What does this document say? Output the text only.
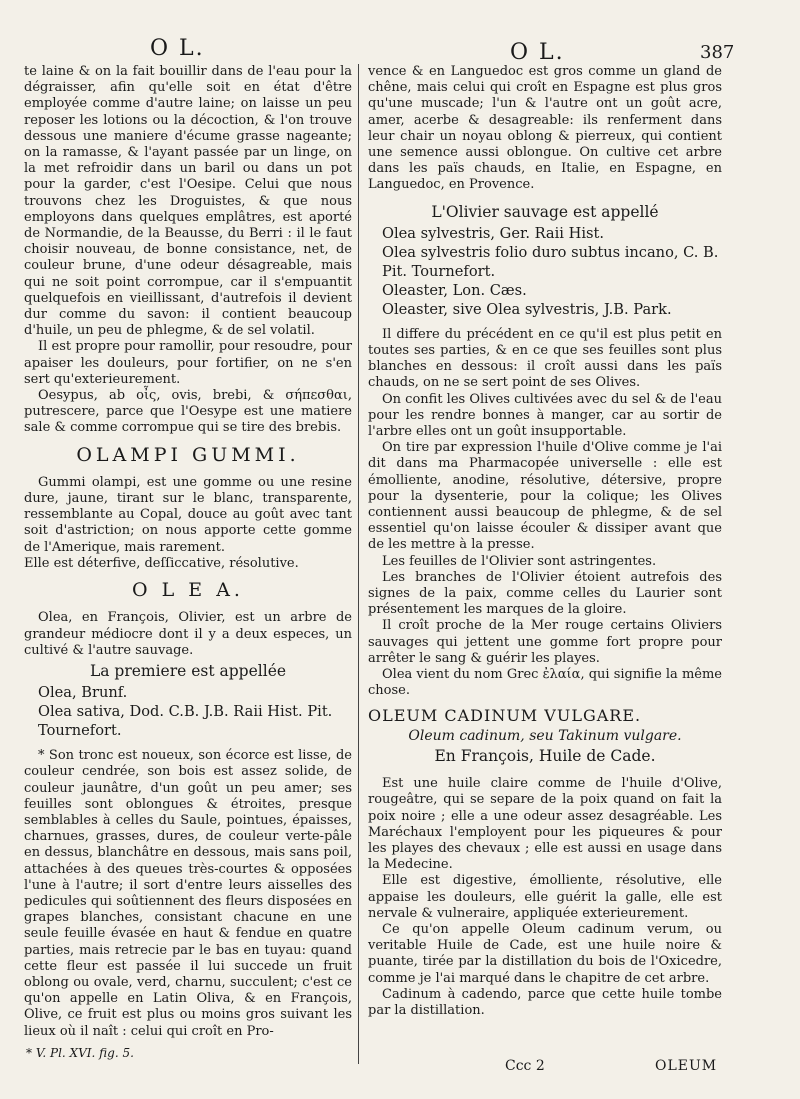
O L.	O L.	387

te laine & on la fait bouillir dans de l'eau pour la dégraisser, afin qu'elle soit en état d'être employée comme d'autre laine; on laisse un peu reposer les lotions ou la décoction, & l'on trouve dessous une maniere d'écume grasse nageante; on la ramasse, & l'ayant passée par un linge, on la met refroidir dans un baril ou dans un pot pour la garder, c'est l'Oesipe. Celui que nous trouvons chez les Droguistes, & que nous employons dans quelques emplâtres, est aporté de Normandie, de la Beausse, du Berri : il le faut choisir nouveau, de bonne consistance, net, de couleur brune, d'une odeur désagreable, mais qui ne soit point corrompue, car il s'empuantit quelquefois en vieillissant, d'autrefois il devient dur comme du savon: il contient beaucoup d'huile, un peu de phlegme, & de sel volatil.

Il est propre pour ramollir, pour resoudre, pour apaiser les douleurs, pour fortifier, on ne s'en sert qu'exterieurement.

Oesypus, ab οἶς, ovis, brebi, & σήπεσθαι, putrescere, parce que l'Oesype est une matiere sale & comme corrompue qui se tire des brebis.

OLAMPI GUMMI.

Gummi olampi, est une gomme ou une resine dure, jaune, tirant sur le blanc, transparente, ressemblante au Copal, douce au goût avec tant soit d'astriction; on nous apporte cette gomme de l'Amerique, mais rarement.

Elle est déterfive, deſſiccative, résolutive.

O L E A.

Olea, en François, Olivier, est un arbre de grandeur médiocre dont il y a deux especes, un cultivé & l'autre sauvage.

La premiere est appellée

Olea, Brunf.

Olea sativa, Dod. C.B. J.B. Raii Hist. Pit. Tournefort.

* Son tronc est noueux, son écorce est lisse, de couleur cendrée, son bois est assez solide, de couleur jaunâtre, d'un goût un peu amer; ses feuilles sont oblongues & étroites, presque semblables à celles du Saule, pointues, épaisses, charnues, grasses, dures, de couleur verte-pâle en dessus, blanchâtre en dessous, mais sans poil, attachées à des queues très-courtes & opposées l'une à l'autre; il sort d'entre leurs aisselles des pedicules qui soûtiennent des fleurs disposées en grapes blanches, consistant chacune en une seule feuille évasée en haut & fendue en quatre parties, mais retrecie par le bas en tuyau: quand cette fleur est passée il lui succede un fruit oblong ou ovale, verd, charnu, succulent; c'est ce qu'on appelle en Latin Oliva, & en François, Olive, ce fruit est plus ou moins gros suivant les lieux où il naît : celui qui croît en Pro-

vence & en Languedoc est gros comme un gland de chêne, mais celui qui croît en Espagne est plus gros qu'une muscade; l'un & l'autre ont un goût acre, amer, acerbe & desagreable: ils renferment dans leur chair un noyau oblong & pierreux, qui contient une semence aussi oblongue. On cultive cet arbre dans les païs chauds, en Italie, en Espagne, en Languedoc, en Provence.

L'Olivier sauvage est appellé

Olea sylvestris, Ger. Raii Hist.

Olea sylvestris folio duro subtus incano, C. B. Pit. Tournefort.

Oleaster, Lon. Cæs.

Oleaster, sive Olea sylvestris, J.B. Park.

Il differe du précédent en ce qu'il est plus petit en toutes ses parties, & en ce que ses feuilles sont plus blanches en dessous: il croît aussi dans les païs chauds, on ne se sert point de ses Olives.

On confit les Olives cultivées avec du sel & de l'eau pour les rendre bonnes à manger, car au sortir de l'arbre elles ont un goût insupportable.

On tire par expression l'huile d'Olive comme je l'ai dit dans ma Pharmacopée universelle : elle est émolliente, anodine, résolutive, détersive, propre pour la dysenterie, pour la colique; les Olives contiennent aussi beaucoup de phlegme, & de sel essentiel qu'on laisse écouler & dissiper avant que de les mettre à la presse.

Les feuilles de l'Olivier sont astringentes.

Les branches de l'Olivier étoient autrefois des signes de la paix, comme celles du Laurier sont présentement les marques de la gloire.

Il croît proche de la Mer rouge certains Oliviers sauvages qui jettent une gomme fort propre pour arrêter le sang & guérir les playes.

Olea vient du nom Grec ἐλαία, qui signifie la même chose.

OLEUM CADINUM VULGARE.
Oleum cadinum, seu Takinum vulgare.
En François, Huile de Cade.

Est une huile claire comme de l'huile d'Olive, rougeâtre, qui se separe de la poix quand on fait la poix noire ; elle a une odeur assez desagréable. Les Maréchaux l'employent pour les piqueures & pour les playes des chevaux ; elle est aussi en usage dans la Medecine.

Elle est digestive, émolliente, résolutive, elle appaise les douleurs, elle guérit la galle, elle est nervale & vulneraire, appliquée exterieurement.

Ce qu'on appelle Oleum cadinum verum, ou veritable Huile de Cade, est une huile noire & puante, tirée par la distillation du bois de l'Oxicedre, comme je l'ai marqué dans le chapitre de cet arbre.

Cadinum à cadendo, parce que cette huile tombe par la distillation.

* V. Pl. XVI. fig. 5.
Ccc 2	OLEUM
